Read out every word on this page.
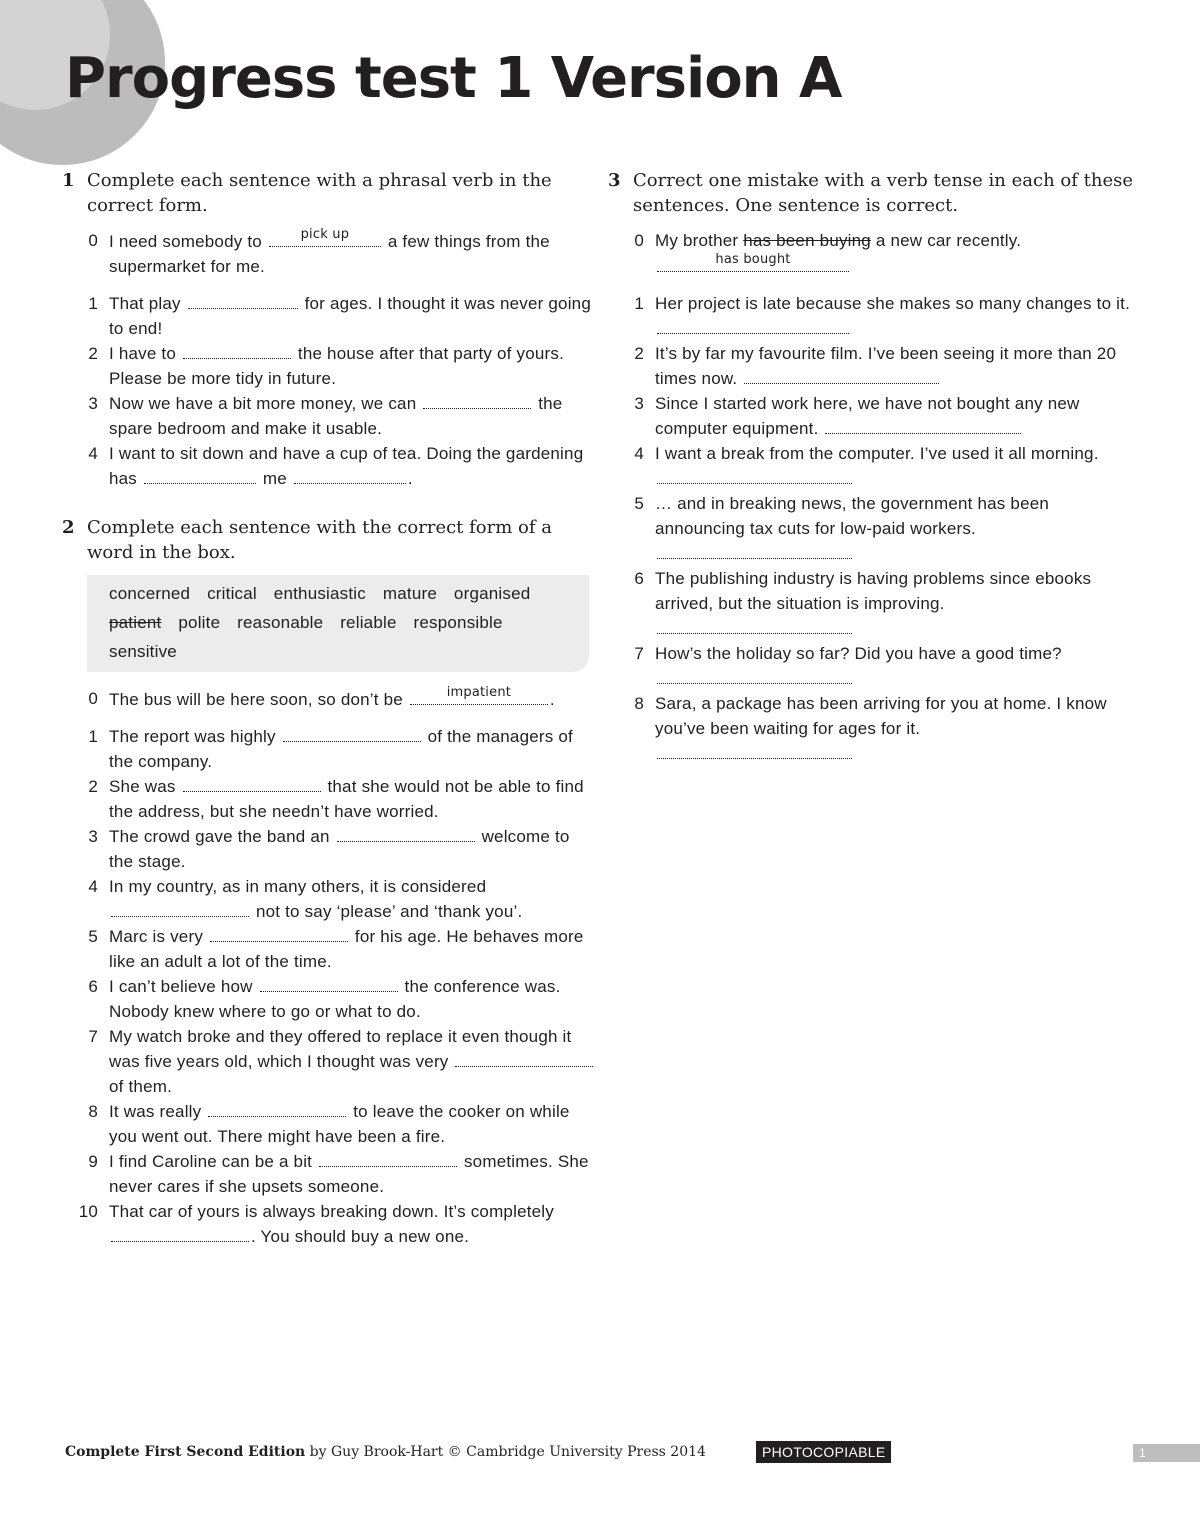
Progress test 1 Version A
1 Complete each sentence with a phrasal verb in the correct form.
0 I need somebody to	pick up	a few things from the supermarket for me.
1 That play	for ages. I thought it was never going to end!
2 I have to	the house after that party of yours. Please be more tidy in future.
3 Now we have a bit more money, we can	the spare bedroom and make it usable.
4 I want to sit down and have a cup of tea. Doing the gardening has	me	.
2 Complete each sentence with the correct form of a word in the box.
concerned critical enthusiastic mature organised
patient polite reasonable reliable responsible
sensitive
0 The bus will be here soon, so don’t be	impatient	.
1 The report was highly	of the managers of the company.
2 She was	that she would not be able to find the address, but she needn’t have worried.
3 The crowd gave the band an	welcome to the stage.
4 In my country, as in many others, it is considered  not to say ‘please’ and ‘thank you’.
5 Marc is very	for his age. He behaves more like an adult a lot of the time.
6 I can’t believe how	the conference was. Nobody knew where to go or what to do.
7 My watch broke and they offered to replace it even though it was five years old, which I thought was very  of them.
8 It was really	to leave the cooker on while you went out. There might have been a fire.
9 I find Caroline can be a bit	sometimes. She never cares if she upsets someone.
10 That car of yours is always breaking down. It’s completely . You should buy a new one.
3 Correct one mistake with a verb tense in each of these sentences. One sentence is correct.
0 My brother has been buying a new car recently.

has bought
1 Her project is late because she makes so many changes to it.
2 It’s by far my favourite film. I’ve been seeing it more than 20 times now.
3 Since I started work here, we have not bought any new computer equipment.
4 I want a break from the computer. I’ve used it all morning.
5 … and in breaking news, the government has been announcing tax cuts for low-paid workers.

6 The publishing industry is having problems since ebooks arrived, but the situation is improving.

7 How’s the holiday so far? Did you have a good time?

8 Sara, a package has been arriving for you at home. I know you’ve been waiting for ages for it.

Complete First Second Edition by Guy Brook-Hart © Cambridge University Press 2014	PHOTOCOPIABLE	1
